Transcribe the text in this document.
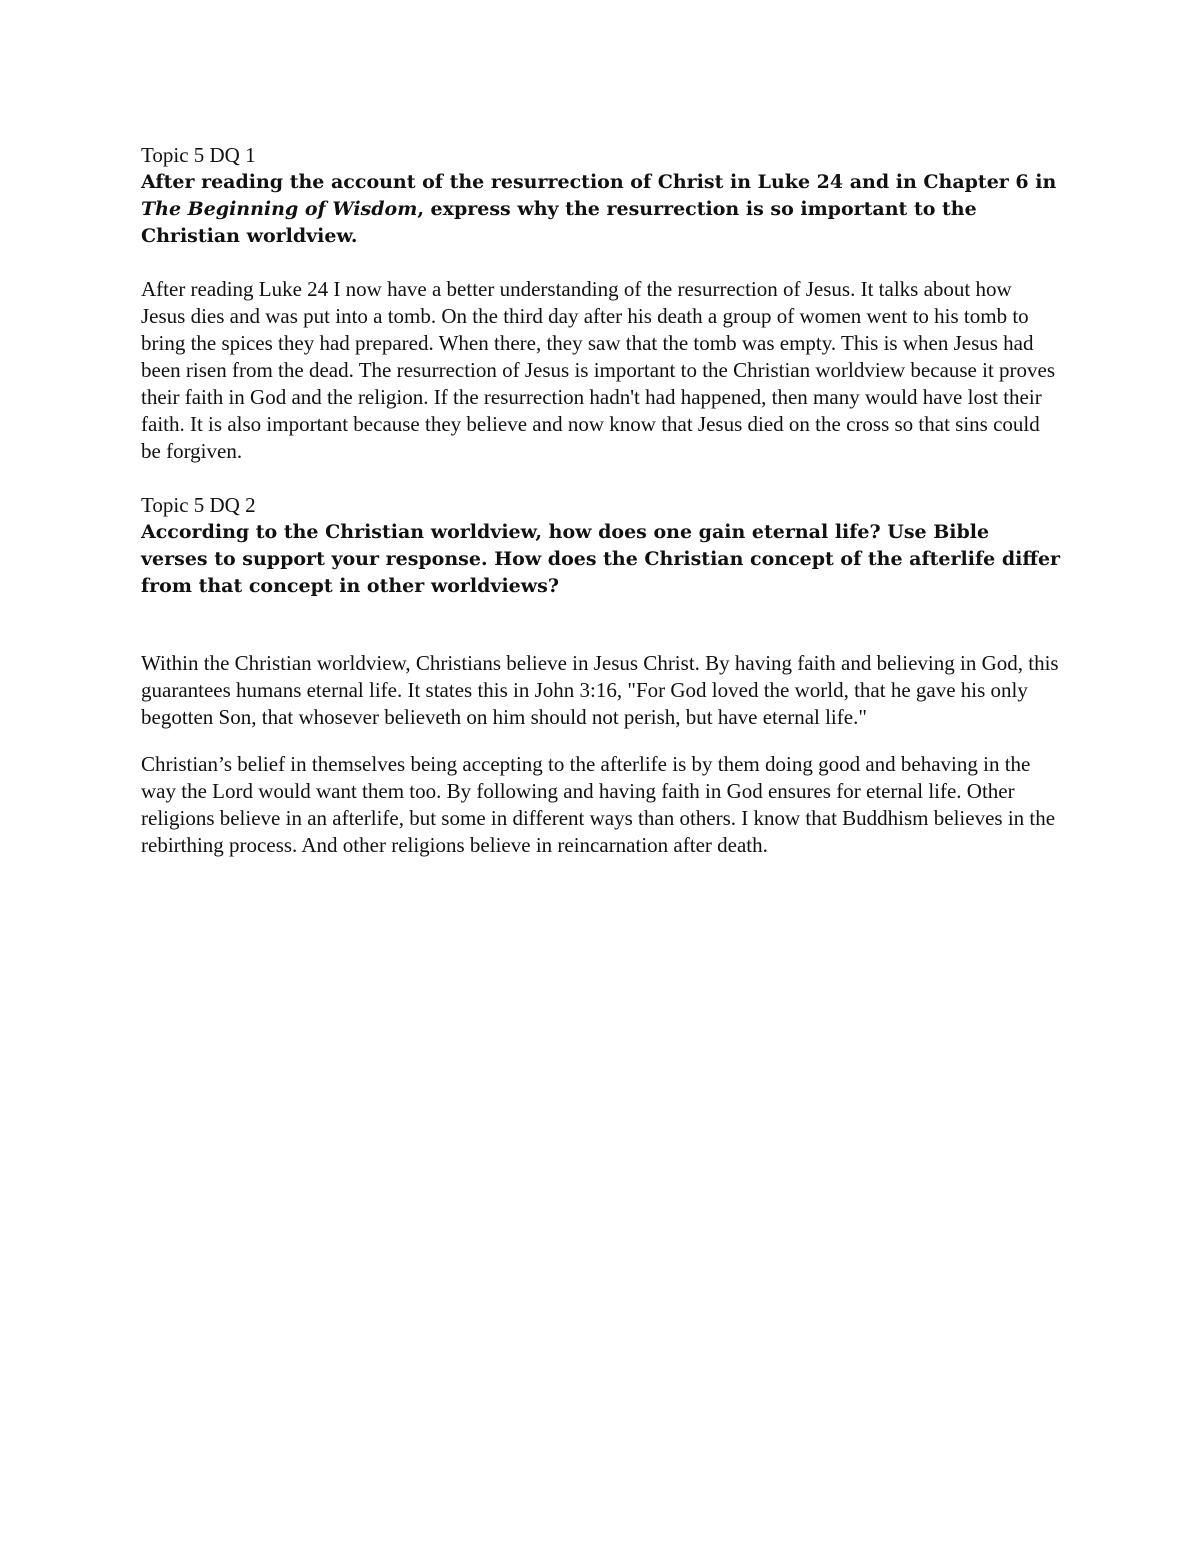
Topic 5 DQ 1

After reading the account of the resurrection of Christ in Luke 24 and in Chapter 6 in The Beginning of Wisdom, express why the resurrection is so important to the Christian worldview.

After reading Luke 24 I now have a better understanding of the resurrection of Jesus. It talks about how Jesus dies and was put into a tomb. On the third day after his death a group of women went to his tomb to bring the spices they had prepared. When there, they saw that the tomb was empty. This is when Jesus had been risen from the dead. The resurrection of Jesus is important to the Christian worldview because it proves their faith in God and the religion. If the resurrection hadn't had happened, then many would have lost their faith. It is also important because they believe and now know that Jesus died on the cross so that sins could be forgiven.

Topic 5 DQ 2

According to the Christian worldview, how does one gain eternal life? Use Bible verses to support your response. How does the Christian concept of the afterlife differ from that concept in other worldviews?

Within the Christian worldview, Christians believe in Jesus Christ. By having faith and believing in God, this guarantees humans eternal life. It states this in John 3:16, "For God loved the world, that he gave his only begotten Son, that whosever believeth on him should not perish, but have eternal life."

Christian’s belief in themselves being accepting to the afterlife is by them doing good and behaving in the way the Lord would want them too. By following and having faith in God ensures for eternal life. Other religions believe in an afterlife, but some in different ways than others. I know that Buddhism believes in the rebirthing process. And other religions believe in reincarnation after death.
